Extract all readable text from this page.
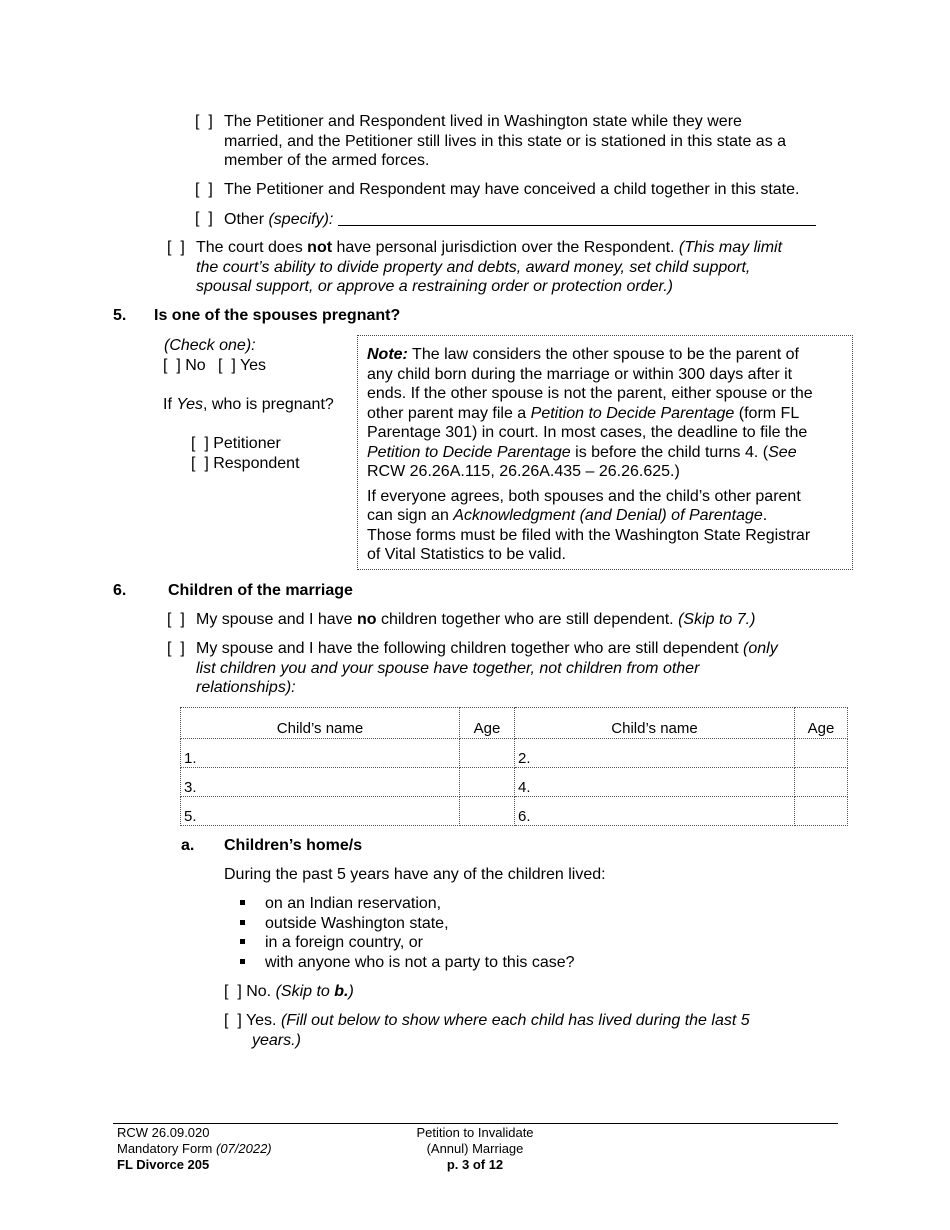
[  ] The Petitioner and Respondent lived in Washington state while they were
married, and the Petitioner still lives in this state or is stationed in this state as a
member of the armed forces.
[  ] The Petitioner and Respondent may have conceived a child together in this state.
[  ] Other (specify):
[  ] The court does not have personal jurisdiction over the Respondent. (This may limit
the court’s ability to divide property and debts, award money, set child support,
spousal support, or approve a restraining order or protection order.)
5. Is one of the spouses pregnant?
(Check one):
[  ] No [  ] Yes
If Yes, who is pregnant?
[  ] Petitioner
[  ] Respondent

Note: The law considers the other spouse to be the parent of
any child born during the marriage or within 300 days after it
ends. If the other spouse is not the parent, either spouse or the
other parent may file a Petition to Decide Parentage (form FL
Parentage 301) in court. In most cases, the deadline to file the
Petition to Decide Parentage is before the child turns 4. (See
RCW 26.26A.115, 26.26A.435 – 26.26.625.)

If everyone agrees, both spouses and the child’s other parent
can sign an Acknowledgment (and Denial) of Parentage.
Those forms must be filed with the Washington State Registrar
of Vital Statistics to be valid.

6.	Children of the marriage
[  ] My spouse and I have no children together who are still dependent. (Skip to 7.)
[  ] My spouse and I have the following children together who are still dependent (only
list children you and your spouse have together, not children from other
relationships):
Child’s name	Age	Child’s name	Age
1.		2.	
3.		4.	
5.		6.	
a. Children’s home/s
During the past 5 years have any of the children lived:
on an Indian reservation,
outside Washington state,
in a foreign country, or
with anyone who is not a party to this case?
[  ] No. (Skip to b.)
[  ] Yes. (Fill out below to show where each child has lived during the last 5
years.)
RCW 26.09.020
Mandatory Form (07/2022)
FL Divorce 205
Petition to Invalidate
(Annul) Marriage
p. 3 of 12
